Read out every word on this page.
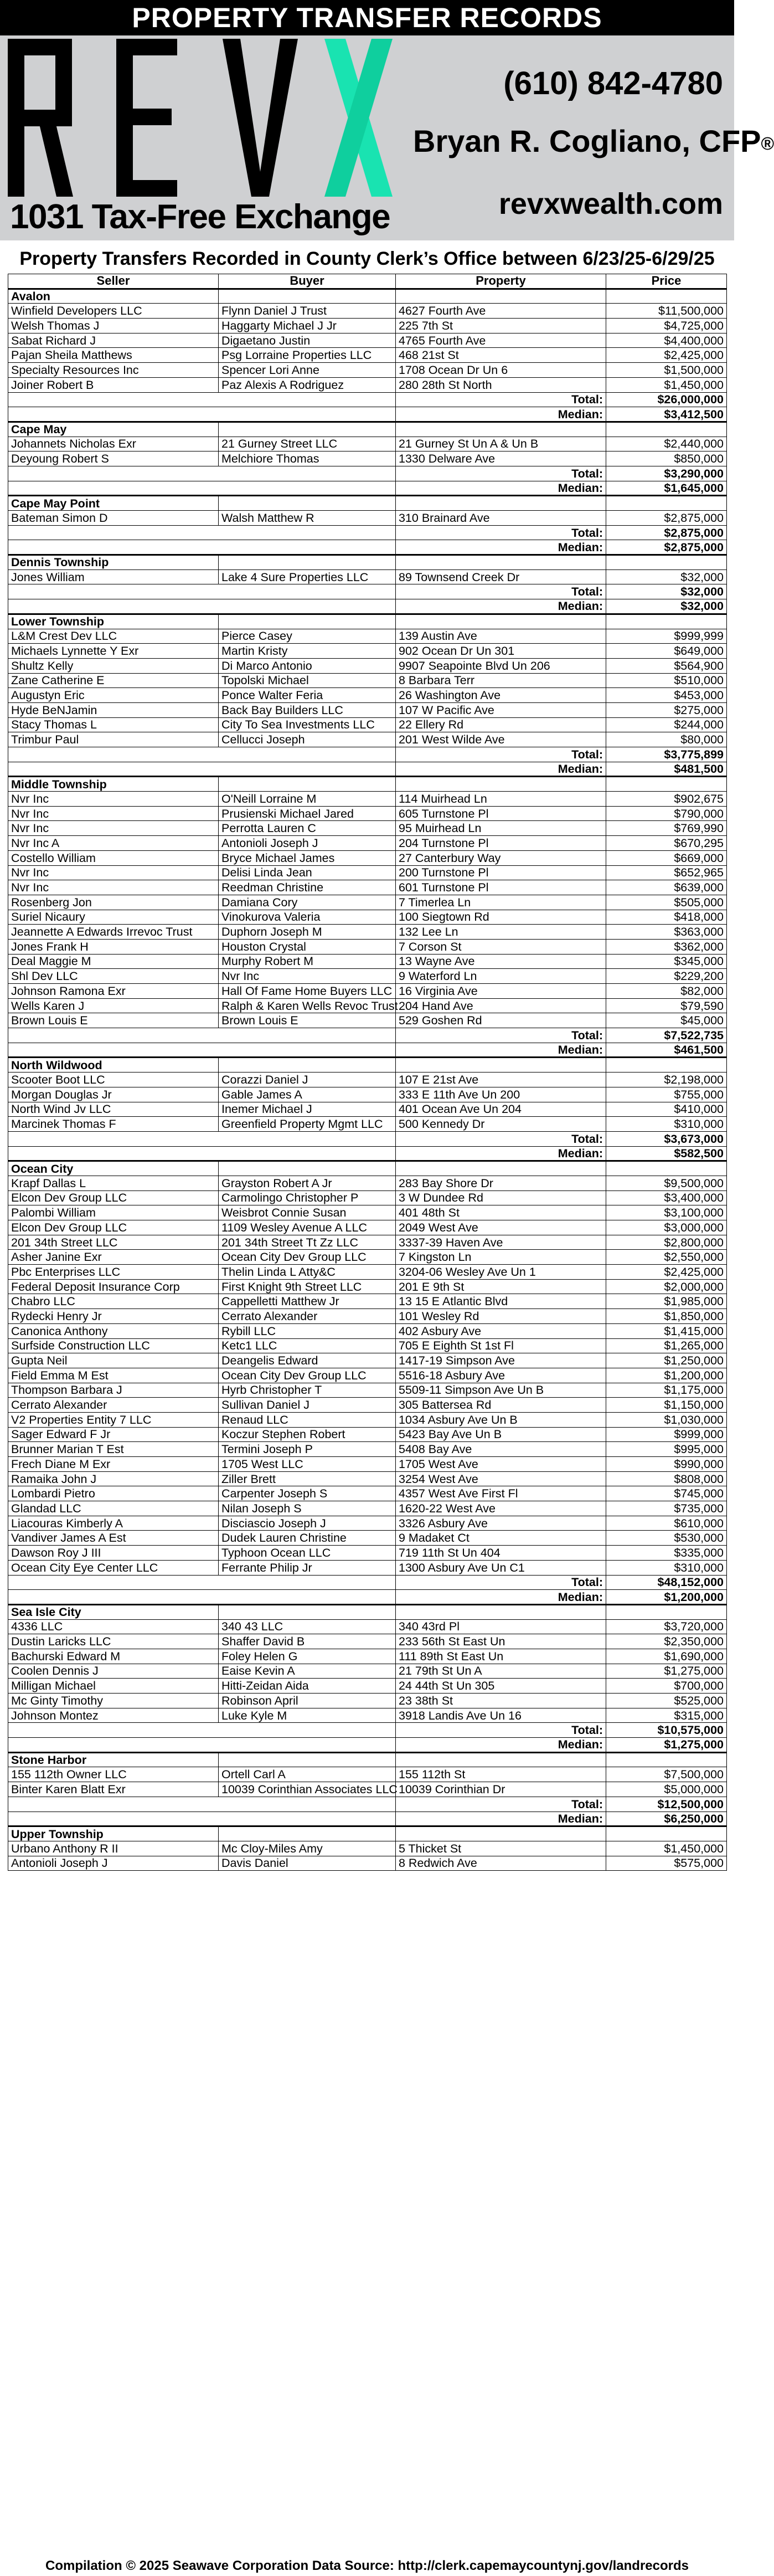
PROPERTY TRANSFER RECORDS
1031 Tax-Free Exchange
(610) 842-4780
Bryan R. Cogliano, CFP®
revxwealth.com
Property Transfers Recorded in County Clerk’s Office between 6/23/25-6/29/25
Seller	Buyer	Property	Price
Avalon			
Winfield Developers LLC	Flynn Daniel J Trust	4627 Fourth Ave	$11,500,000
Welsh Thomas J	Haggarty Michael J Jr	225 7th St	$4,725,000
Sabat Richard J	Digaetano Justin	4765 Fourth Ave	$4,400,000
Pajan Sheila Matthews	Psg Lorraine Properties LLC	468 21st St	$2,425,000
Specialty Resources Inc	Spencer Lori Anne	1708 Ocean Dr Un 6	$1,500,000
Joiner Robert B	Paz Alexis A Rodriguez	280 28th St North	$1,450,000
		Total:	$26,000,000
		Median:	$3,412,500
Cape May			
Johannets Nicholas Exr	21 Gurney Street LLC	21 Gurney St Un A & Un B	$2,440,000
Deyoung Robert S	Melchiore Thomas	1330 Delware Ave	$850,000
		Total:	$3,290,000
		Median:	$1,645,000
Cape May Point			
Bateman Simon D	Walsh Matthew R	310 Brainard Ave	$2,875,000
		Total:	$2,875,000
		Median:	$2,875,000
Dennis Township			
Jones William	Lake 4 Sure Properties LLC	89 Townsend Creek Dr	$32,000
		Total:	$32,000
		Median:	$32,000
Lower Township			
L&M Crest Dev LLC	Pierce Casey	139 Austin Ave	$999,999
Michaels Lynnette Y Exr	Martin Kristy	902 Ocean Dr Un 301	$649,000
Shultz Kelly	Di Marco Antonio	9907 Seapointe Blvd Un 206	$564,900
Zane Catherine E	Topolski Michael	8 Barbara Terr	$510,000
Augustyn Eric	Ponce Walter Feria	26 Washington Ave	$453,000
Hyde BeNJamin	Back Bay Builders LLC	107 W Pacific Ave	$275,000
Stacy Thomas L	City To Sea Investments LLC	22 Ellery Rd	$244,000
Trimbur Paul	Cellucci Joseph	201 West Wilde Ave	$80,000
		Total:	$3,775,899
		Median:	$481,500
Middle Township			
Nvr Inc	O'Neill Lorraine M	114 Muirhead Ln	$902,675
Nvr Inc	Prusienski Michael Jared	605 Turnstone Pl	$790,000
Nvr Inc	Perrotta Lauren C	95 Muirhead Ln	$769,990
Nvr Inc A	Antonioli Joseph J	204 Turnstone Pl	$670,295
Costello William	Bryce Michael James	27 Canterbury Way	$669,000
Nvr Inc	Delisi Linda Jean	200 Turnstone Pl	$652,965
Nvr Inc	Reedman Christine	601 Turnstone Pl	$639,000
Rosenberg Jon	Damiana Cory	7 Timerlea Ln	$505,000
Suriel Nicaury	Vinokurova Valeria	100 Siegtown Rd	$418,000
Jeannette A Edwards Irrevoc Trust	Duphorn Joseph M	132 Lee Ln	$363,000
Jones Frank H	Houston Crystal	7 Corson St	$362,000
Deal Maggie M	Murphy Robert M	13 Wayne Ave	$345,000
Shl Dev LLC	Nvr Inc	9 Waterford Ln	$229,200
Johnson Ramona Exr	Hall Of Fame Home Buyers LLC	16 Virginia Ave	$82,000
Wells Karen J	Ralph & Karen Wells Revoc Trust	204 Hand Ave	$79,590
Brown Louis E	Brown Louis E	529 Goshen Rd	$45,000
		Total:	$7,522,735
		Median:	$461,500
North Wildwood			
Scooter Boot LLC	Corazzi Daniel J	107 E 21st Ave	$2,198,000
Morgan Douglas Jr	Gable James A	333 E 11th Ave Un 200	$755,000
North Wind Jv LLC	Inemer Michael J	401 Ocean Ave Un 204	$410,000
Marcinek Thomas F	Greenfield Property Mgmt LLC	500 Kennedy Dr	$310,000
		Total:	$3,673,000
		Median:	$582,500
Ocean City			
Krapf Dallas L	Grayston Robert A Jr	283 Bay Shore Dr	$9,500,000
Elcon Dev Group LLC	Carmolingo Christopher P	3 W Dundee Rd	$3,400,000
Palombi William	Weisbrot Connie Susan	401 48th St	$3,100,000
Elcon Dev Group LLC	1109 Wesley Avenue A LLC	2049 West Ave	$3,000,000
201 34th Street LLC	201 34th Street Tt Zz LLC	3337-39 Haven Ave	$2,800,000
Asher Janine Exr	Ocean City Dev Group LLC	7 Kingston Ln	$2,550,000
Pbc Enterprises LLC	Thelin Linda L Atty&C	3204-06 Wesley Ave Un 1	$2,425,000
Federal Deposit Insurance Corp	First Knight 9th Street LLC	201 E 9th St	$2,000,000
Chabro LLC	Cappelletti Matthew Jr	13 15 E Atlantic Blvd	$1,985,000
Rydecki Henry Jr	Cerrato Alexander	101 Wesley Rd	$1,850,000
Canonica Anthony	Rybill LLC	402 Asbury Ave	$1,415,000
Surfside Construction LLC	Ketc1 LLC	705 E Eighth St 1st Fl	$1,265,000
Gupta Neil	Deangelis Edward	1417-19 Simpson Ave	$1,250,000
Field Emma M Est	Ocean City Dev Group LLC	5516-18 Asbury Ave	$1,200,000
Thompson Barbara J	Hyrb Christopher T	5509-11 Simpson Ave Un B	$1,175,000
Cerrato Alexander	Sullivan Daniel J	305 Battersea Rd	$1,150,000
V2 Properties Entity 7 LLC	Renaud LLC	1034 Asbury Ave Un B	$1,030,000
Sager Edward F Jr	Koczur Stephen Robert	5423 Bay Ave Un B	$999,000
Brunner Marian T Est	Termini Joseph P	5408 Bay Ave	$995,000
Frech Diane M Exr	1705 West LLC	1705 West Ave	$990,000
Ramaika John J	Ziller Brett	3254 West Ave	$808,000
Lombardi Pietro	Carpenter Joseph S	4357 West Ave First Fl	$745,000
Glandad LLC	Nilan Joseph S	1620-22 West Ave	$735,000
Liacouras Kimberly A	Disciascio Joseph J	3326 Asbury Ave	$610,000
Vandiver James A Est	Dudek Lauren Christine	9 Madaket Ct	$530,000
Dawson Roy J III	Typhoon Ocean LLC	719 11th St Un 404	$335,000
Ocean City Eye Center LLC	Ferrante Philip Jr	1300 Asbury Ave Un C1	$310,000
		Total:	$48,152,000
		Median:	$1,200,000
Sea Isle City			
4336 LLC	340 43 LLC	340 43rd Pl	$3,720,000
Dustin Laricks LLC	Shaffer David B	233 56th St East Un	$2,350,000
Bachurski Edward M	Foley Helen G	111 89th St East Un	$1,690,000
Coolen Dennis J	Eaise Kevin A	21 79th St Un A	$1,275,000
Milligan Michael	Hitti-Zeidan Aida	24 44th St Un 305	$700,000
Mc Ginty Timothy	Robinson April	23 38th St	$525,000
Johnson Montez	Luke Kyle M	3918 Landis Ave Un 16	$315,000
		Total:	$10,575,000
		Median:	$1,275,000
Stone Harbor			
155 112th Owner LLC	Ortell Carl A	155 112th St	$7,500,000
Binter Karen Blatt Exr	10039 Corinthian Associates LLC	10039 Corinthian Dr	$5,000,000
		Total:	$12,500,000
		Median:	$6,250,000
Upper Township			
Urbano Anthony R II	Mc Cloy-Miles Amy	5 Thicket St	$1,450,000
Antonioli Joseph J	Davis Daniel	8 Redwich Ave	$575,000
Compilation © 2025 Seawave Corporation Data Source: http://clerk.capemaycountynj.gov/landrecords
